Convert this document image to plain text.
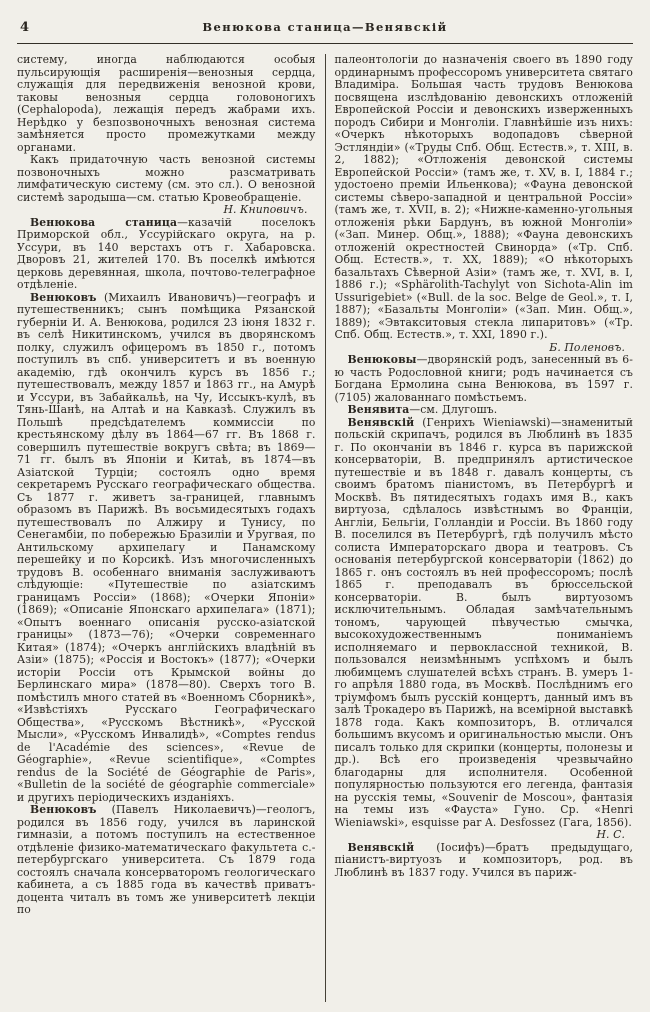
4	Венюкова станица—Венявскій

систему, иногда наблюдаются особыя пульсирующія расширенія—венозныя сердца, служащія для передвиженія венозной крови, таковы венозныя сердца головоногихъ (Cephalopoda), лежащія передъ жабрами ихъ. Нерѣдко у безпозвоночныхъ венозная система замѣняется просто промежутками между органами.

Какъ придаточную часть венозной системы позвоночныхъ можно разсматривать лимфатическую систему (см. это сл.). О венозной системѣ зародыша—см. статью Кровеобращеніе.

Н. Книповичъ.

Венюкова станица—казачій поселокъ Приморской обл., Уссурійскаго округа, на р. Уссури, въ 140 верстахъ отъ г. Хабаровска. Дворовъ 21, жителей 170. Въ поселкѣ имѣются церковь деревянная, школа, почтово-телеграфное отдѣленіе.

Венюковъ (Михаилъ Ивановичъ)—географъ и путешественникъ; сынъ помѣщика Рязанской губерніи И. А. Венюкова, родился 23 іюня 1832 г. въ селѣ Никитинскомъ, учился въ дворянскомъ полку, служилъ офицеромъ въ 1850 г., потомъ поступилъ въ спб. университетъ и въ военную академію, гдѣ окончилъ курсъ въ 1856 г.; путешествовалъ, между 1857 и 1863 гг., на Амурѣ и Уссури, въ Забайкальѣ, на Чу, Иссыкъ-кулѣ, въ Тянь-Шанѣ, на Алтаѣ и на Кавказѣ. Служилъ въ Польшѣ предсѣдателемъ коммиссіи по крестьянскому дѣлу въ 1864—67 гг. Въ 1868 г. совершилъ путешествіе вокругъ свѣта; въ 1869—71 гг. былъ въ Японіи и Китаѣ, въ 1874—въ Азіатской Турціи; состоялъ одно время секретаремъ Русскаго географическаго общества. Съ 1877 г. живетъ за-границей, главнымъ образомъ въ Парижѣ. Въ восьмидесятыхъ годахъ путешествовалъ по Алжиру и Тунису, по Сенегамбіи, по побережью Бразиліи и Уругвая, по Антильскому архипелагу и Панамскому перешейку и по Корсикѣ. Изъ многочисленныхъ трудовъ В. особеннаго вниманія заслуживаютъ слѣдующіе: «Путешествіе по азіатскимъ границамъ Россіи» (1868); «Очерки Японіи» (1869); «Описаніе Японскаго архипелага» (1871); «Опытъ военнаго описанія русско-азіатской границы» (1873—76); «Очерки современнаго Китая» (1874); «Очеркъ англійскихъ владѣній въ Азіи» (1875); «Россія и Востокъ» (1877); «Очерки исторіи Россіи отъ Крымской войны до Берлинскаго мира» (1878—80). Сверхъ того В. помѣстилъ много статей въ «Военномъ Сборникѣ», «Извѣстіяхъ Русскаго Географическаго Общества», «Русскомъ Вѣстникѣ», «Русской Мысли», «Русскомъ Инвалидѣ», «Comptes rendus de l'Académie des sciences», «Revue de Géographie», «Revue scientifique», «Comptes rendus de la Société de Géographie de Paris», «Bulletin de la société de géographie commerciale» и другихъ періодическихъ изданіяхъ.

Венюковъ (Павелъ Николаевичъ)—геологъ, родился въ 1856 году, учился въ ларинской гимназіи, а потомъ поступилъ на естественное отдѣленіе физико-математическаго факультета с.-петербургскаго университета. Съ 1879 года состоялъ сначала консерваторомъ геологическаго кабинета, а съ 1885 года въ качествѣ приватъ-доцента читалъ въ томъ же университетѣ лекціи по

палеонтологіи до назначенія своего въ 1890 году ординарнымъ профессоромъ университета святаго Владиміра. Большая часть трудовъ Венюкова посвящена изслѣдованію девонскихъ отложеній Европейской Россіи и девонскихъ изверженныхъ породъ Сибири и Монголіи. Главнѣйшіе изъ нихъ: «Очеркъ нѣкоторыхъ водопадовъ сѣверной Эстляндіи» («Труды Спб. Общ. Естеств.», т. XIII, в. 2, 1882); «Отложенія девонской системы Европейской Россіи» (тамъ же, т. XV, в. I, 1884 г.; удостоено преміи Ильенкова); «Фауна девонской системы сѣверо-западной и центральной Россіи» (тамъ же, т. XVII, в. 2); «Нижне-каменно-угольныя отложенія рѣки Бардунъ, въ южной Монголіи» («Зап. Минер. Общ.», 1888); «Фауна девонскихъ отложеній окрестностей Свинорда» («Тр. Спб. Общ. Естеств.», т. XX, 1889); «О нѣкоторыхъ базальтахъ Сѣверной Азіи» (тамъ же, т. XVI, в. I, 1886 г.); «Sphärolith-Tachylyt von Sichota-Alin im Ussurigebiet» («Bull. de la soc. Belge de Geol.», т. I, 1887); «Базальты Монголіи» («Зап. Мин. Общ.», 1889); «Эвтакситовыя стекла липаритовъ» («Тр. Спб. Общ. Естеств.», т. XXI, 1890 г.).

Б. Поленовъ.

Венюковы—дворянскій родъ, занесенный въ 6-ю часть Родословной книги; родъ начинается съ Богдана Ермолина сына Венюкова, въ 1597 г. (7105) жалованнаго помѣстьемъ.

Венявита—см. Длугошъ.

Венявскій (Генрихъ Wieniawski)—знаменитый польскій скрипачъ, родился въ Люблинѣ въ 1835 г. По окончаніи въ 1846 г. курса въ парижской консерваторіи, В. предпринялъ артистическое путешествіе и въ 1848 г. давалъ концерты, съ своимъ братомъ піанистомъ, въ Петербургѣ и Москвѣ. Въ пятидесятыхъ годахъ имя В., какъ виртуоза, сдѣлалось извѣстнымъ во Франціи, Англіи, Бельгіи, Голландіи и Россіи. Въ 1860 году В. поселился въ Петербургѣ, гдѣ получилъ мѣсто солиста Императорскаго двора и театровъ. Съ основанія петербургской консерваторіи (1862) до 1865 г. онъ состоялъ въ ней профессоромъ; послѣ 1865 г. преподавалъ въ брюссельской консерваторіи. В. былъ виртуозомъ исключительнымъ. Обладая замѣчательнымъ тономъ, чарующей пѣвучестью смычка, высокохудожественнымъ пониманіемъ исполняемаго и первоклассной техникой, В. пользовался неизмѣннымъ успѣхомъ и былъ любимцемъ слушателей всѣхъ странъ. В. умеръ 1-го апрѣля 1880 года, въ Москвѣ. Послѣднимъ его тріумфомъ былъ русскій концертъ, данный имъ въ залѣ Трокадеро въ Парижѣ, на всемірной выставкѣ 1878 года. Какъ композиторъ, В. отличался большимъ вкусомъ и оригинальностью мысли. Онъ писалъ только для скрипки (концерты, полонезы и др.). Всѣ его произведенія чрезвычайно благодарны для исполнителя. Особенной популярностью пользуются его легенда, фантазія на русскія темы, «Souvenir de Moscou», фантазія на темы изъ «Фауста» Гуно. Ср. «Henri Wieniawski», esquisse par A. Desfossez (Гага, 1856).

Н. С.

Венявскій (Іосифъ)—братъ предыдущаго, піанистъ-виртуозъ и композиторъ, род. въ Люблинѣ въ 1837 году. Учился въ париж-
